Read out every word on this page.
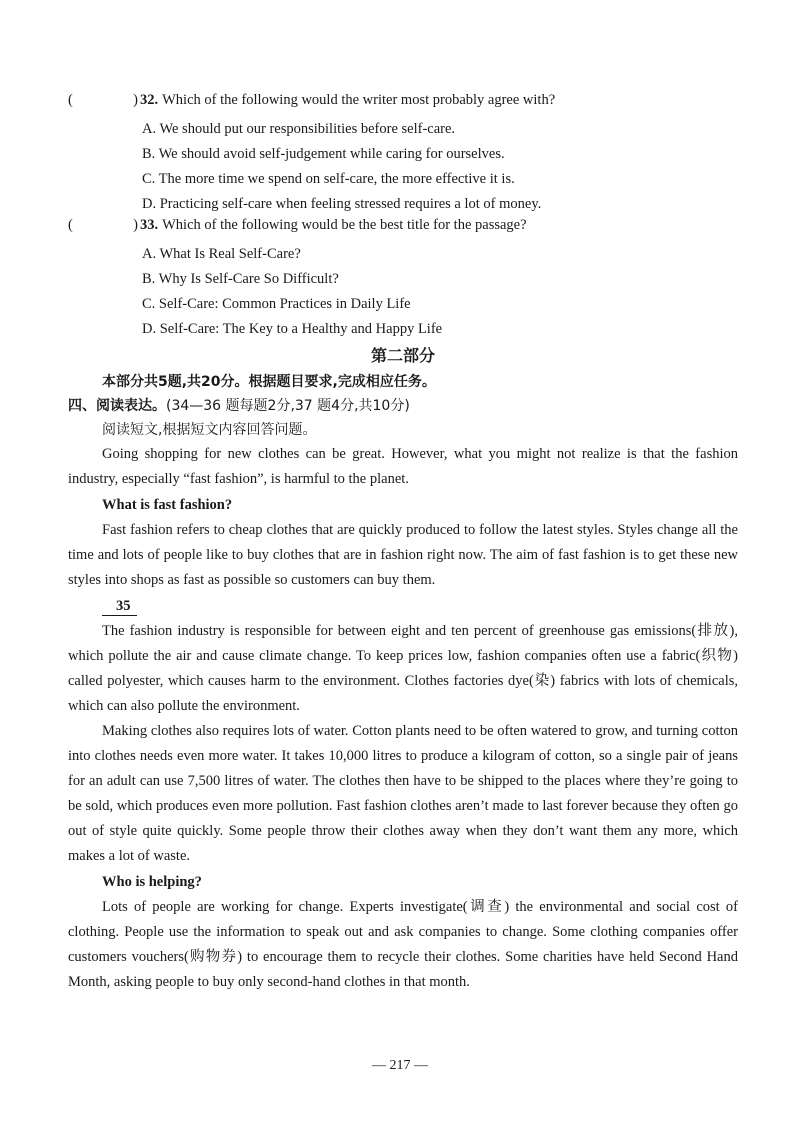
(	) 32. Which of the following would the writer most probably agree with?
A. We should put our responsibilities before self-care.
B. We should avoid self-judgement while caring for ourselves.
C. The more time we spend on self-care, the more effective it is.
D. Practicing self-care when feeling stressed requires a lot of money.
(	) 33. Which of the following would be the best title for the passage?
A. What Is Real Self-Care?
B. Why Is Self-Care So Difficult?
C. Self-Care: Common Practices in Daily Life
D. Self-Care: The Key to a Healthy and Happy Life
第二部分
本部分共5题,共20分。根据题目要求,完成相应任务。
四、阅读表达。(34—36 题每题2分,37 题4分,共10分)
阅读短文,根据短文内容回答问题。

Going shopping for new clothes can be great. However, what you might not realize is that the fashion industry, especially “fast fashion”, is harmful to the planet.

What is fast fashion?

Fast fashion refers to cheap clothes that are quickly produced to follow the latest styles. Styles change all the time and lots of people like to buy clothes that are in fashion right now. The aim of fast fashion is to get these new styles into shops as fast as possible so customers can buy them.

35

The fashion industry is responsible for between eight and ten percent of greenhouse gas emissions(排放), which pollute the air and cause climate change. To keep prices low, fashion companies often use a fabric(织物) called polyester, which causes harm to the environment. Clothes factories dye(染) fabrics with lots of chemicals, which can also pollute the environment.

Making clothes also requires lots of water. Cotton plants need to be often watered to grow, and turning cotton into clothes needs even more water. It takes 10,000 litres to produce a kilogram of cotton, so a single pair of jeans for an adult can use 7,500 litres of water. The clothes then have to be shipped to the places where they’re going to be sold, which produces even more pollution. Fast fashion clothes aren’t made to last forever because they often go out of style quite quickly. Some people throw their clothes away when they don’t want them any more, which makes a lot of waste.

Who is helping?

Lots of people are working for change. Experts investigate(调查) the environmental and social cost of clothing. People use the information to speak out and ask companies to change. Some clothing companies offer customers vouchers(购物券) to encourage them to recycle their clothes. Some charities have held Second Hand Month, asking people to buy only second-hand clothes in that month.

— 217 —
